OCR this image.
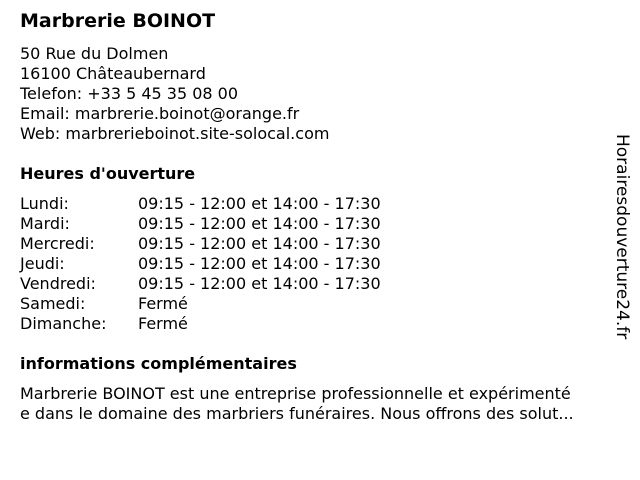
Marbrerie BOINOT
50 Rue du Dolmen
16100 Châteaubernard
Telefon: +33 5 45 35 08 00
Email: marbrerie.boinot@orange.fr
Web: marbrerieboinot.site-solocal.com
Heures d'ouverture
Lundi:	09:15 - 12:00 et 14:00 - 17:30
Mardi:	09:15 - 12:00 et 14:00 - 17:30
Mercredi:	09:15 - 12:00 et 14:00 - 17:30
Jeudi:	09:15 - 12:00 et 14:00 - 17:30
Vendredi:	09:15 - 12:00 et 14:00 - 17:30
Samedi:	Fermé
Dimanche:	Fermé
informations complémentaires
Marbrerie BOINOT est une entreprise professionnelle et expérimenté
e dans le domaine des marbriers funéraires. Nous offrons des solut...
Horairesdouverture24.fr
